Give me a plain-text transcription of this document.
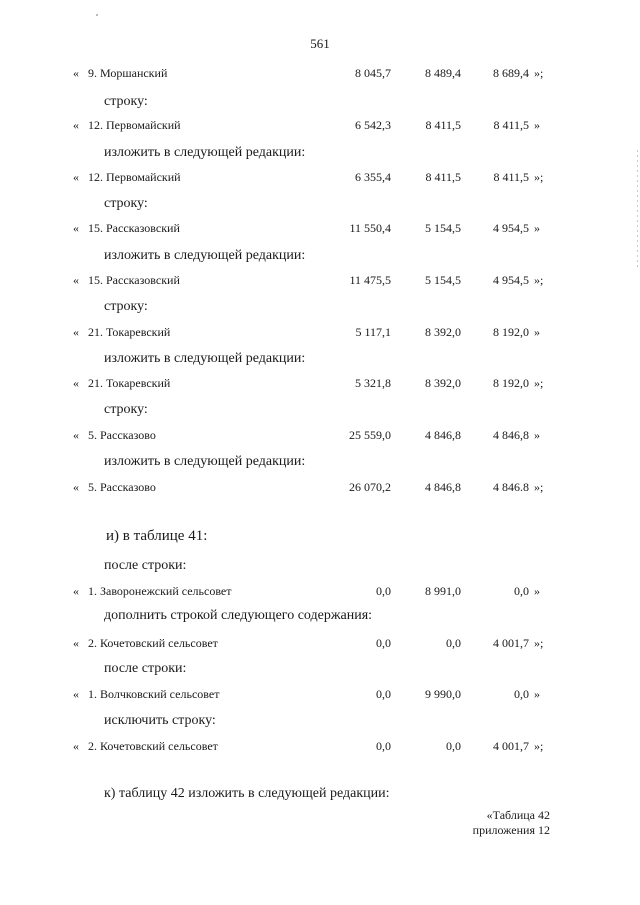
561
« 9. Моршанский	8 045,7	8 489,4	8 689,4 »;
строку:
« 12. Первомайский	6 542,3	8 411,5	8 411,5 »
изложить в следующей редакции:
« 12. Первомайский	6 355,4	8 411,5	8 411,5 »;
строку:
« 15. Рассказовский	11 550,4	5 154,5	4 954,5 »
изложить в следующей редакции:
« 15. Рассказовский	11 475,5	5 154,5	4 954,5 »;
строку:
« 21. Токаревский	5 117,1	8 392,0	8 192,0 »
изложить в следующей редакции:
« 21. Токаревский	5 321,8	8 392,0	8 192,0 »;
строку:
« 5. Рассказово	25 559,0	4 846,8	4 846,8 »
изложить в следующей редакции:
« 5. Рассказово	26 070,2	4 846,8	4 846.8 »;
и) в таблице 41:
после строки:
« 1. Заворонежский сельсовет	0,0	8 991,0	0,0 »
дополнить строкой следующего содержания:
« 2. Кочетовский сельсовет	0,0	0,0	4 001,7 »;
после строки:
« 1. Волчковский сельсовет	0,0	9 990,0	0,0 »
исключить строку:
« 2. Кочетовский сельсовет	0,0	0,0	4 001,7 »;
к) таблицу 42 изложить в следующей редакции:
«Таблица 42
приложения 12
